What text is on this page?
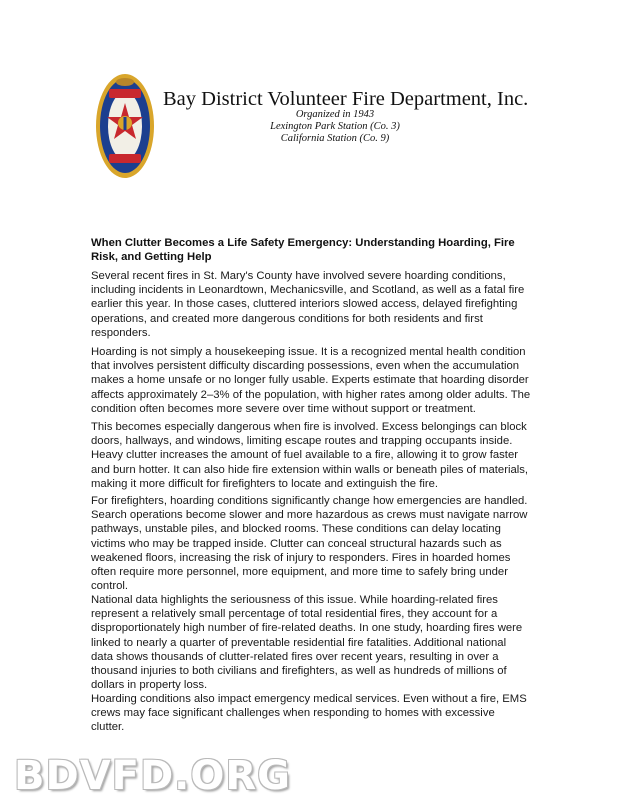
Bay District Volunteer Fire Department, Inc.
Organized in 1943
Lexington Park Station (Co. 3)
California Station (Co. 9)
When Clutter Becomes a Life Safety Emergency: Understanding Hoarding, Fire Risk, and Getting Help
Several recent fires in St. Mary's County have involved severe hoarding conditions, including incidents in Leonardtown, Mechanicsville, and Scotland, as well as a fatal fire earlier this year. In those cases, cluttered interiors slowed access, delayed firefighting operations, and created more dangerous conditions for both residents and first responders.
Hoarding is not simply a housekeeping issue. It is a recognized mental health condition that involves persistent difficulty discarding possessions, even when the accumulation makes a home unsafe or no longer fully usable. Experts estimate that hoarding disorder affects approximately 2–3% of the population, with higher rates among older adults. The condition often becomes more severe over time without support or treatment.
This becomes especially dangerous when fire is involved. Excess belongings can block doors, hallways, and windows, limiting escape routes and trapping occupants inside. Heavy clutter increases the amount of fuel available to a fire, allowing it to grow faster and burn hotter. It can also hide fire extension within walls or beneath piles of materials, making it more difficult for firefighters to locate and extinguish the fire.
For firefighters, hoarding conditions significantly change how emergencies are handled. Search operations become slower and more hazardous as crews must navigate narrow pathways, unstable piles, and blocked rooms. These conditions can delay locating victims who may be trapped inside. Clutter can conceal structural hazards such as weakened floors, increasing the risk of injury to responders. Fires in hoarded homes often require more personnel, more equipment, and more time to safely bring under control.
National data highlights the seriousness of this issue. While hoarding-related fires represent a relatively small percentage of total residential fires, they account for a disproportionately high number of fire-related deaths. In one study, hoarding fires were linked to nearly a quarter of preventable residential fire fatalities. Additional national data shows thousands of clutter-related fires over recent years, resulting in over a thousand injuries to both civilians and firefighters, as well as hundreds of millions of dollars in property loss.
Hoarding conditions also impact emergency medical services. Even without a fire, EMS crews may face significant challenges when responding to homes with excessive clutter.
BDVFD.ORG
